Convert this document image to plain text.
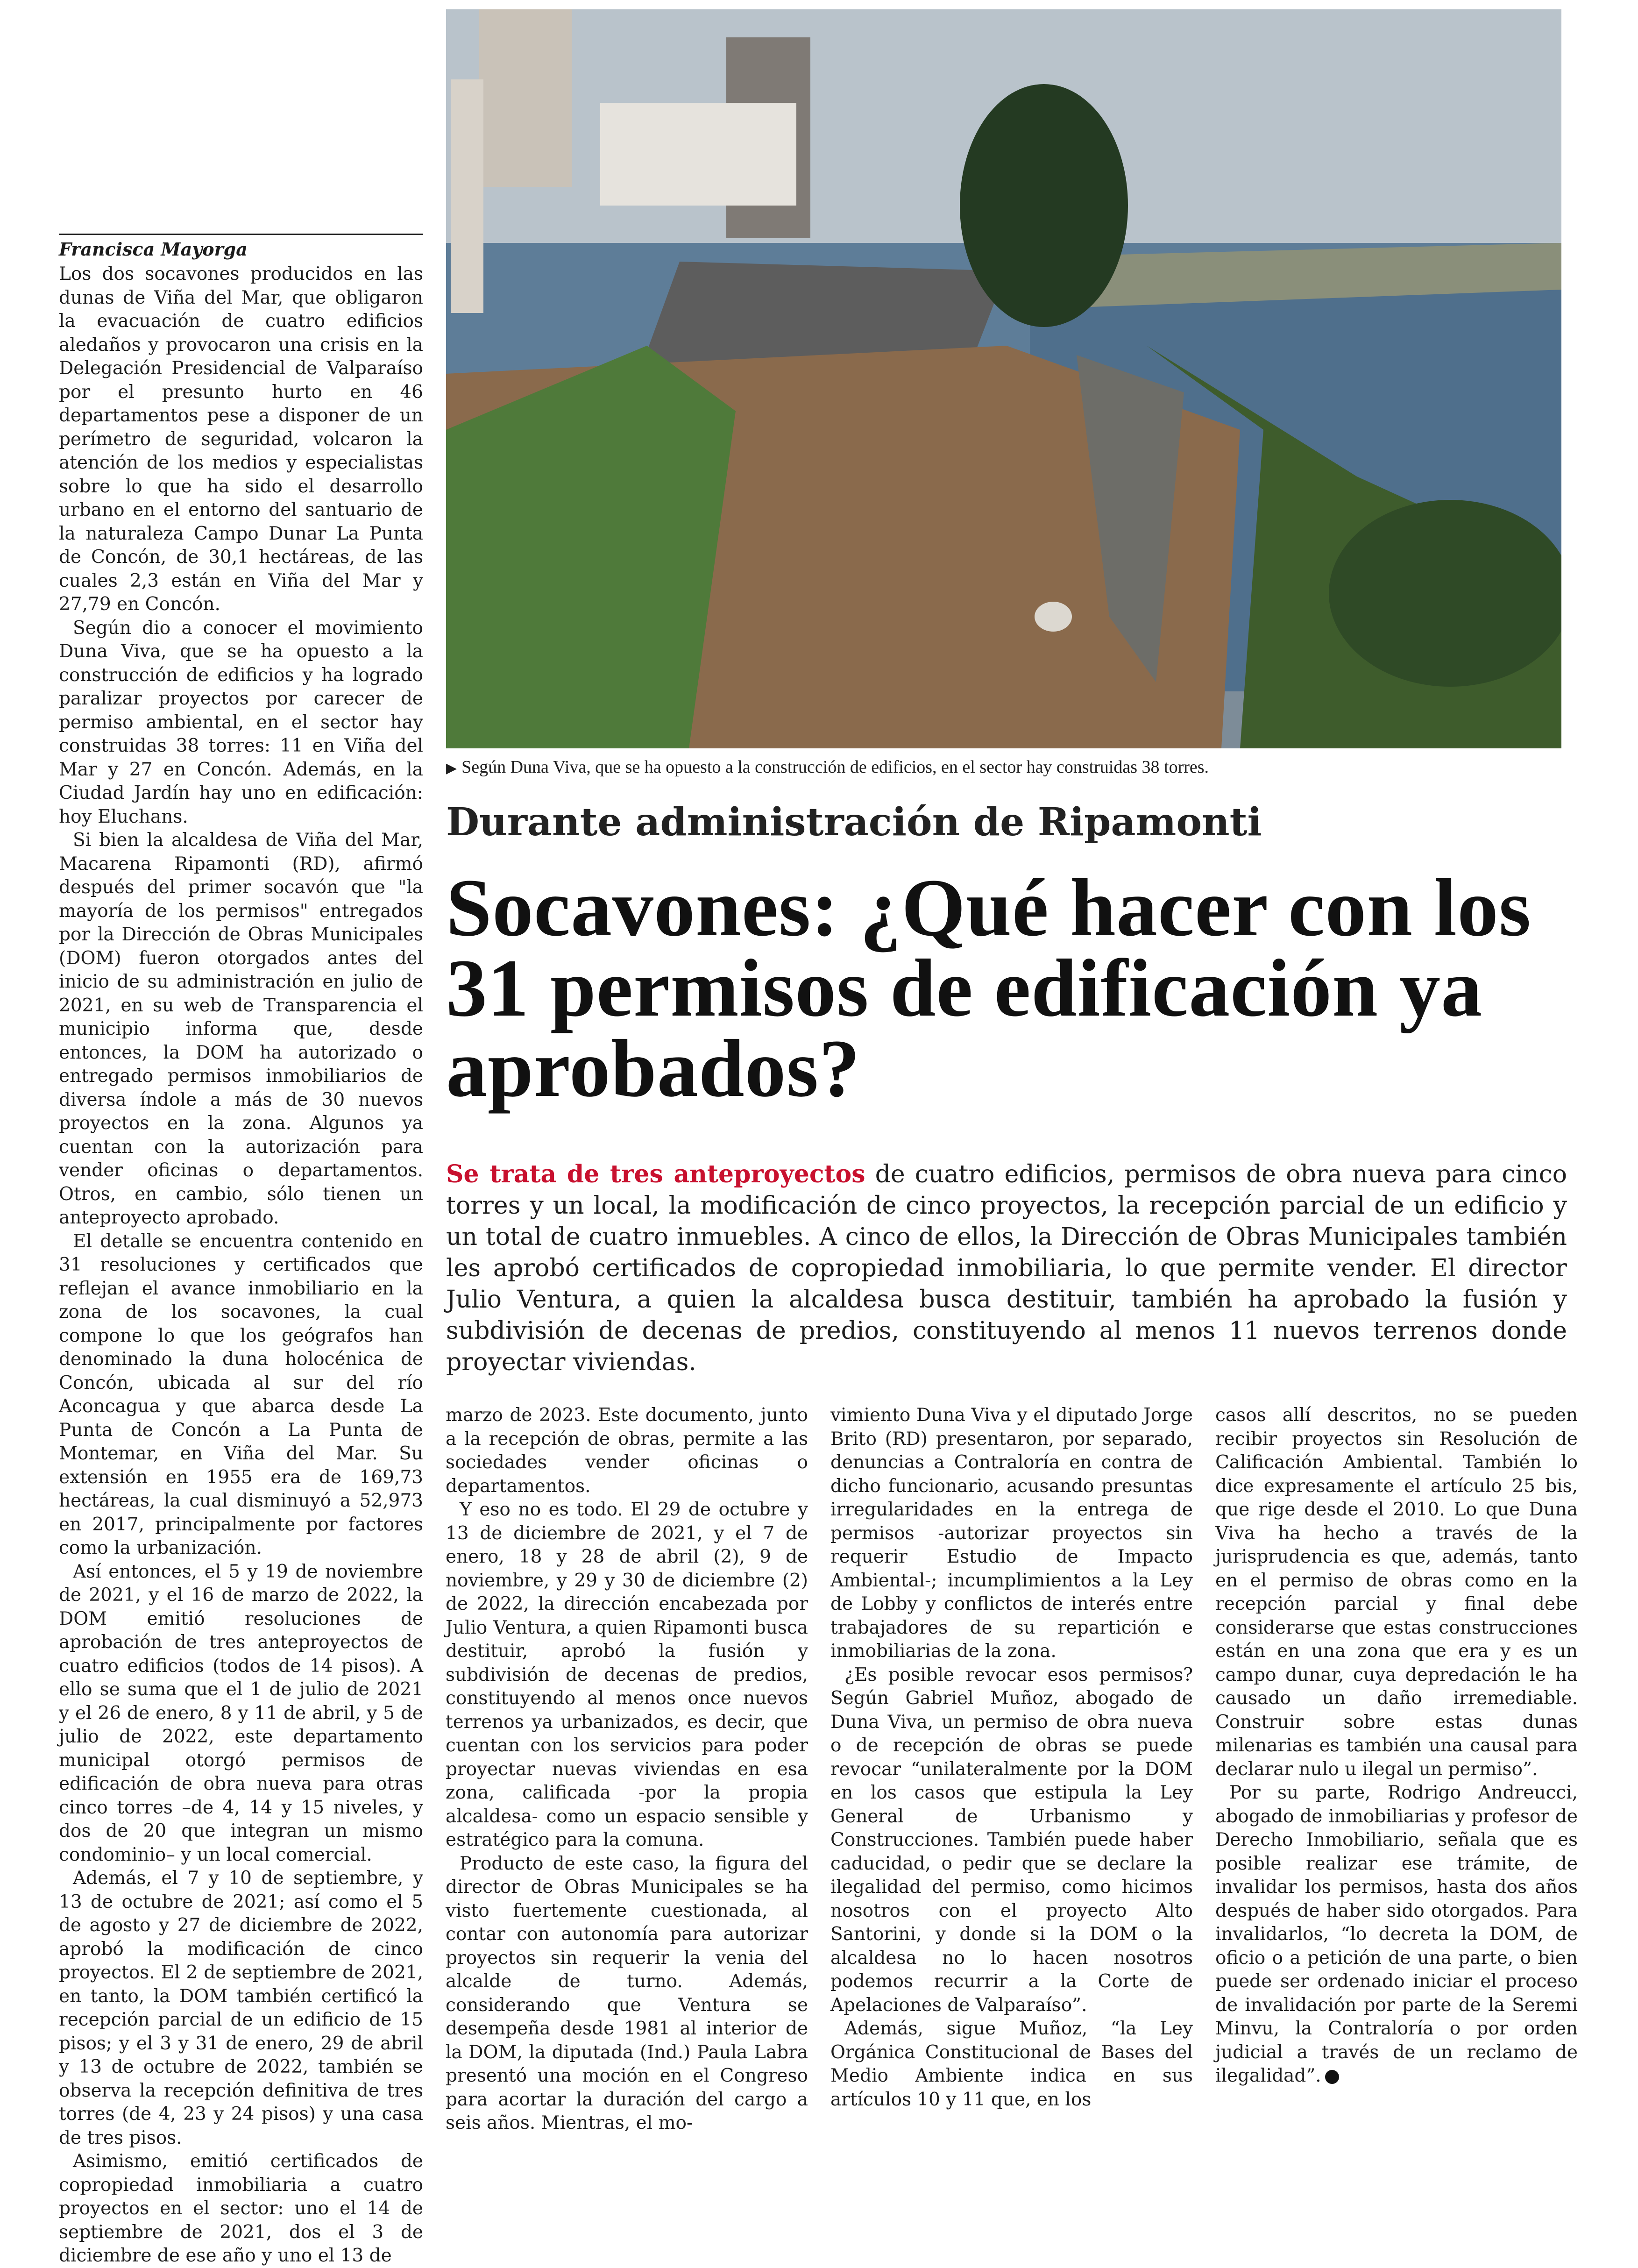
▶ Según Duna Viva, que se ha opuesto a la construcción de edificios, en el sector hay construidas 38 torres.
Durante administración de Ripamonti
Socavones: ¿Qué hacer con los 31 permisos de edificación ya aprobados?
Se trata de tres anteproyectos de cuatro edificios, permisos de obra nueva para cinco torres y un local, la modificación de cinco proyectos, la recepción parcial de un edificio y un total de cuatro inmuebles. A cinco de ellos, la Dirección de Obras Municipales también les aprobó certificados de copropiedad inmobiliaria, lo que permite vender. El director Julio Ventura, a quien la alcaldesa busca destituir, también ha aprobado la fusión y subdivisión de decenas de predios, constituyendo al menos 11 nuevos terrenos donde proyectar viviendas.
Francisca Mayorga

Los dos socavones producidos en las dunas de Viña del Mar, que obligaron la evacuación de cuatro edificios aledaños y provocaron una crisis en la Delegación Presidencial de Valparaíso por el presunto hurto en 46 departamentos pese a disponer de un perímetro de seguridad, volcaron la atención de los medios y especialistas sobre lo que ha sido el desarrollo urbano en el entorno del santuario de la naturaleza Campo Dunar La Punta de Concón, de 30,1 hectáreas, de las cuales 2,3 están en Viña del Mar y 27,79 en Concón.

Según dio a conocer el movimiento Duna Viva, que se ha opuesto a la construcción de edificios y ha logrado paralizar proyectos por carecer de permiso ambiental, en el sector hay construidas 38 torres: 11 en Viña del Mar y 27 en Concón. Además, en la Ciudad Jardín hay uno en edificación: hoy Eluchans.

Si bien la alcaldesa de Viña del Mar, Macarena Ripamonti (RD), afirmó después del primer socavón que "la mayoría de los permisos" entregados por la Dirección de Obras Municipales (DOM) fueron otorgados antes del inicio de su administración en julio de 2021, en su web de Transparencia el municipio informa que, desde entonces, la DOM ha autorizado o entregado permisos inmobiliarios de diversa índole a más de 30 nuevos proyectos en la zona. Algunos ya cuentan con la autorización para vender oficinas o departamentos. Otros, en cambio, sólo tienen un anteproyecto aprobado.

El detalle se encuentra contenido en 31 resoluciones y certificados que reflejan el avance inmobiliario en la zona de los socavones, la cual compone lo que los geógrafos han denominado la duna holocénica de Concón, ubicada al sur del río Aconcagua y que abarca desde La Punta de Concón a La Punta de Montemar, en Viña del Mar. Su extensión en 1955 era de 169,73 hectáreas, la cual disminuyó a 52,973 en 2017, principalmente por factores como la urbanización.

Así entonces, el 5 y 19 de noviembre de 2021, y el 16 de marzo de 2022, la DOM emitió resoluciones de aprobación de tres anteproyectos de cuatro edificios (todos de 14 pisos). A ello se suma que el 1 de julio de 2021 y el 26 de enero, 8 y 11 de abril, y 5 de julio de 2022, este departamento municipal otorgó permisos de edificación de obra nueva para otras cinco torres –de 4, 14 y 15 niveles, y dos de 20 que integran un mismo condominio– y un local comercial.

Además, el 7 y 10 de septiembre, y 13 de octubre de 2021; así como el 5 de agosto y 27 de diciembre de 2022, aprobó la modificación de cinco proyectos. El 2 de septiembre de 2021, en tanto, la DOM también certificó la recepción parcial de un edificio de 15 pisos; y el 3 y 31 de enero, 29 de abril y 13 de octubre de 2022, también se observa la recepción definitiva de tres torres (de 4, 23 y 24 pisos) y una casa de tres pisos.

Asimismo, emitió certificados de copropiedad inmobiliaria a cuatro proyectos en el sector: uno el 14 de septiembre de 2021, dos el 3 de diciembre de ese año y uno el 13 de

marzo de 2023. Este documento, junto a la recepción de obras, permite a las sociedades vender oficinas o departamentos.

Y eso no es todo. El 29 de octubre y 13 de diciembre de 2021, y el 7 de enero, 18 y 28 de abril (2), 9 de noviembre, y 29 y 30 de diciembre (2) de 2022, la dirección encabezada por Julio Ventura, a quien Ripamonti busca destituir, aprobó la fusión y subdivisión de decenas de predios, constituyendo al menos once nuevos terrenos ya urbanizados, es decir, que cuentan con los servicios para poder proyectar nuevas viviendas en esa zona, calificada -por la propia alcaldesa- como un espacio sensible y estratégico para la comuna.

Producto de este caso, la figura del director de Obras Municipales se ha visto fuertemente cuestionada, al contar con autonomía para autorizar proyectos sin requerir la venia del alcalde de turno. Además, considerando que Ventura se desempeña desde 1981 al interior de la DOM, la diputada (Ind.) Paula Labra presentó una moción en el Congreso para acortar la duración del cargo a seis años. Mientras, el mo-

vimiento Duna Viva y el diputado Jorge Brito (RD) presentaron, por separado, denuncias a Contraloría en contra de dicho funcionario, acusando presuntas irregularidades en la entrega de permisos -autorizar proyectos sin requerir Estudio de Impacto Ambiental-; incumplimientos a la Ley de Lobby y conflictos de interés entre trabajadores de su repartición e inmobiliarias de la zona.

¿Es posible revocar esos permisos? Según Gabriel Muñoz, abogado de Duna Viva, un permiso de obra nueva o de recepción de obras se puede revocar “unilateralmente por la DOM en los casos que estipula la Ley General de Urbanismo y Construcciones. También puede haber caducidad, o pedir que se declare la ilegalidad del permiso, como hicimos nosotros con el proyecto Alto Santorini, y donde si la DOM o la alcaldesa no lo hacen nosotros podemos recurrir a la Corte de Apelaciones de Valparaíso”.

Además, sigue Muñoz, “la Ley Orgánica Constitucional de Bases del Medio Ambiente indica en sus artículos 10 y 11 que, en los

casos allí descritos, no se pueden recibir proyectos sin Resolución de Calificación Ambiental. También lo dice expresamente el artículo 25 bis, que rige desde el 2010. Lo que Duna Viva ha hecho a través de la jurisprudencia es que, además, tanto en el permiso de obras como en la recepción parcial y final debe considerarse que estas construcciones están en una zona que era y es un campo dunar, cuya depredación le ha causado un daño irremediable. Construir sobre estas dunas milenarias es también una causal para declarar nulo u ilegal un permiso”.

Por su parte, Rodrigo Andreucci, abogado de inmobiliarias y profesor de Derecho Inmobiliario, señala que es posible realizar ese trámite, de invalidar los permisos, hasta dos años después de haber sido otorgados. Para invalidarlos, “lo decreta la DOM, de oficio o a petición de una parte, o bien puede ser ordenado iniciar el proceso de invalidación por parte de la Seremi Minvu, la Contraloría o por orden judicial a través de un reclamo de ilegalidad”.
